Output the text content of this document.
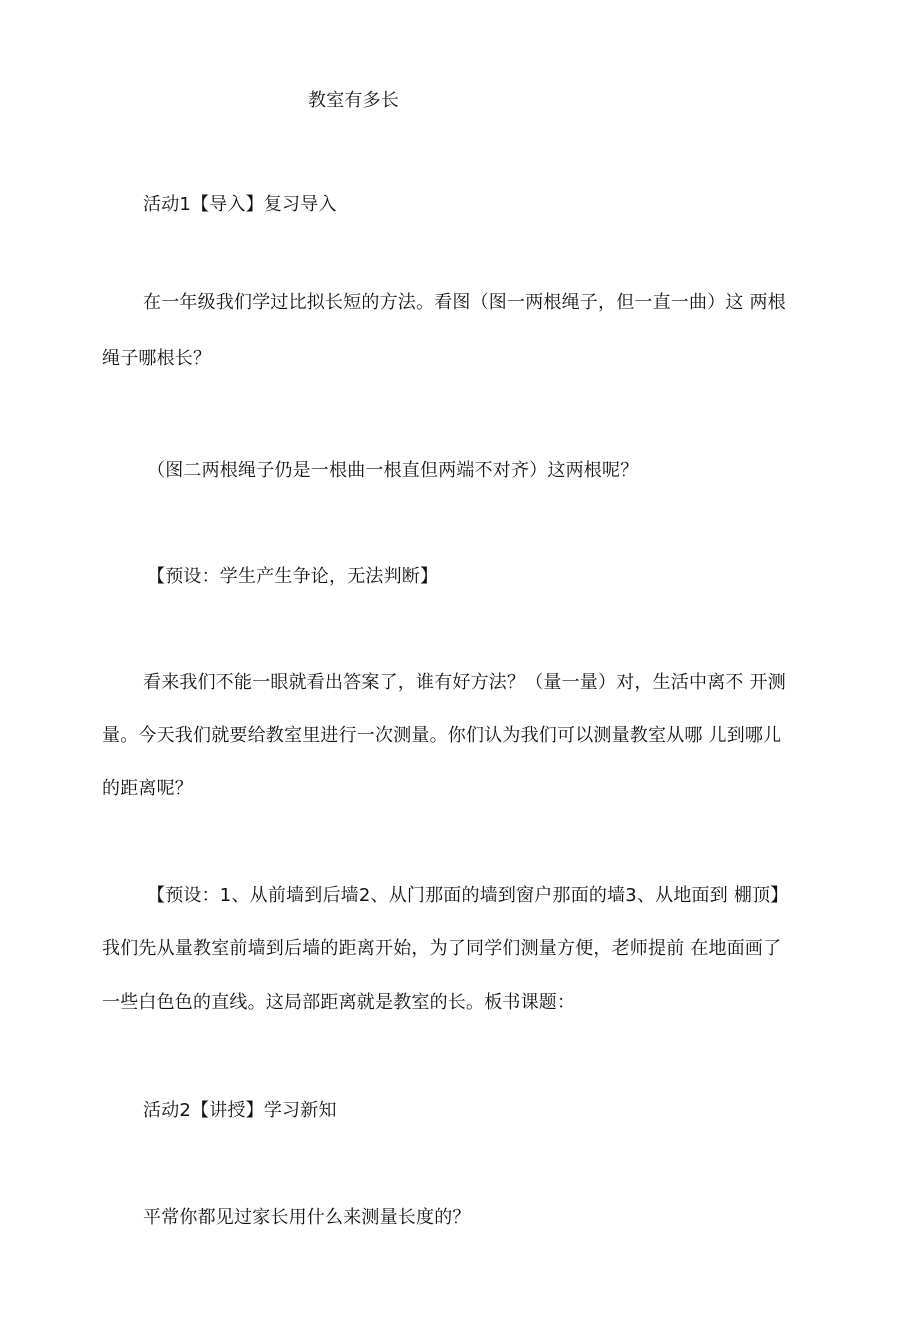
教室有多长
活动1【导入】复习导入
在一年级我们学过比拟长短的方法。看图（图一两根绳子，但一直一曲）这 两根
绳子哪根长？
（图二两根绳子仍是一根曲一根直但两端不对齐）这两根呢？
【预设：学生产生争论，无法判断】
看来我们不能一眼就看出答案了，谁有好方法？（量一量）对，生活中离不 开测
量。今天我们就要给教室里进行一次测量。你们认为我们可以测量教室从哪 儿到哪儿
的距离呢？
【预设：1、从前墙到后墙2、从门那面的墙到窗户那面的墙3、从地面到 棚顶】
我们先从量教室前墙到后墙的距离开始，为了同学们测量方便，老师提前 在地面画了
一些白色色的直线。这局部距离就是教室的长。板书课题：
活动2【讲授】学习新知
平常你都见过家长用什么来测量长度的？
